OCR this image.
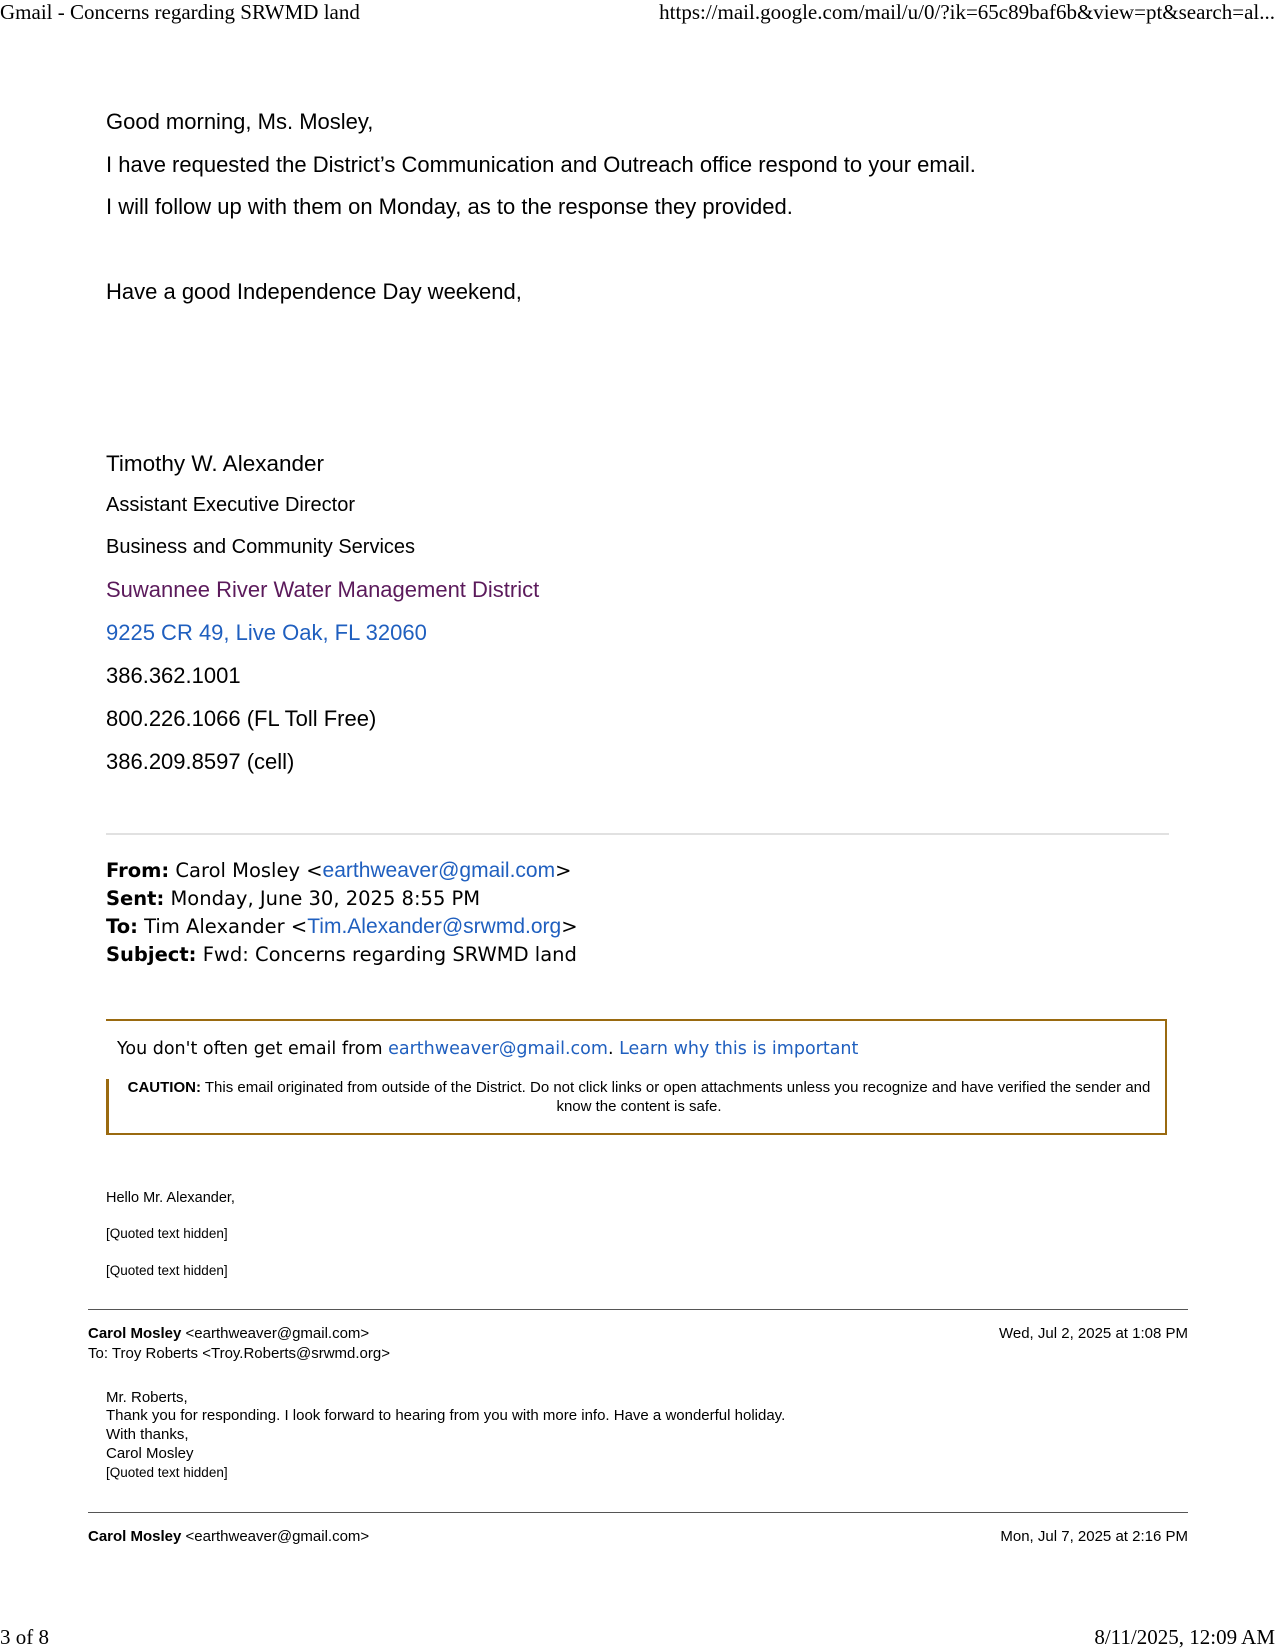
Gmail - Concerns regarding SRWMD land	https://mail.google.com/mail/u/0/?ik=65c89baf6b&view=pt&search=al...
Good morning, Ms. Mosley,
I have requested the District’s Communication and Outreach office respond to your email.
I will follow up with them on Monday, as to the response they provided.
Have a good Independence Day weekend,
Timothy W. Alexander
Assistant Executive Director
Business and Community Services
Suwannee River Water Management District
9225 CR 49, Live Oak, FL 32060
386.362.1001
800.226.1066 (FL Toll Free)
386.209.8597 (cell)
From: Carol Mosley <earthweaver@gmail.com>
Sent: Monday, June 30, 2025 8:55 PM
To: Tim Alexander <Tim.Alexander@srwmd.org>
Subject: Fwd: Concerns regarding SRWMD land
You don't often get email from earthweaver@gmail.com. Learn why this is important
CAUTION: This email originated from outside of the District. Do not click links or open attachments unless you recognize and have verified the sender and know the content is safe.
Hello Mr. Alexander,
[Quoted text hidden]
[Quoted text hidden]
Carol Mosley <earthweaver@gmail.com>	Wed, Jul 2, 2025 at 1:08 PM
To: Troy Roberts <Troy.Roberts@srwmd.org>
Mr. Roberts,
Thank you for responding. I look forward to hearing from you with more info. Have a wonderful holiday.
With thanks,
Carol Mosley
[Quoted text hidden]
Carol Mosley <earthweaver@gmail.com>	Mon, Jul 7, 2025 at 2:16 PM
3 of 8	8/11/2025, 12:09 AM
